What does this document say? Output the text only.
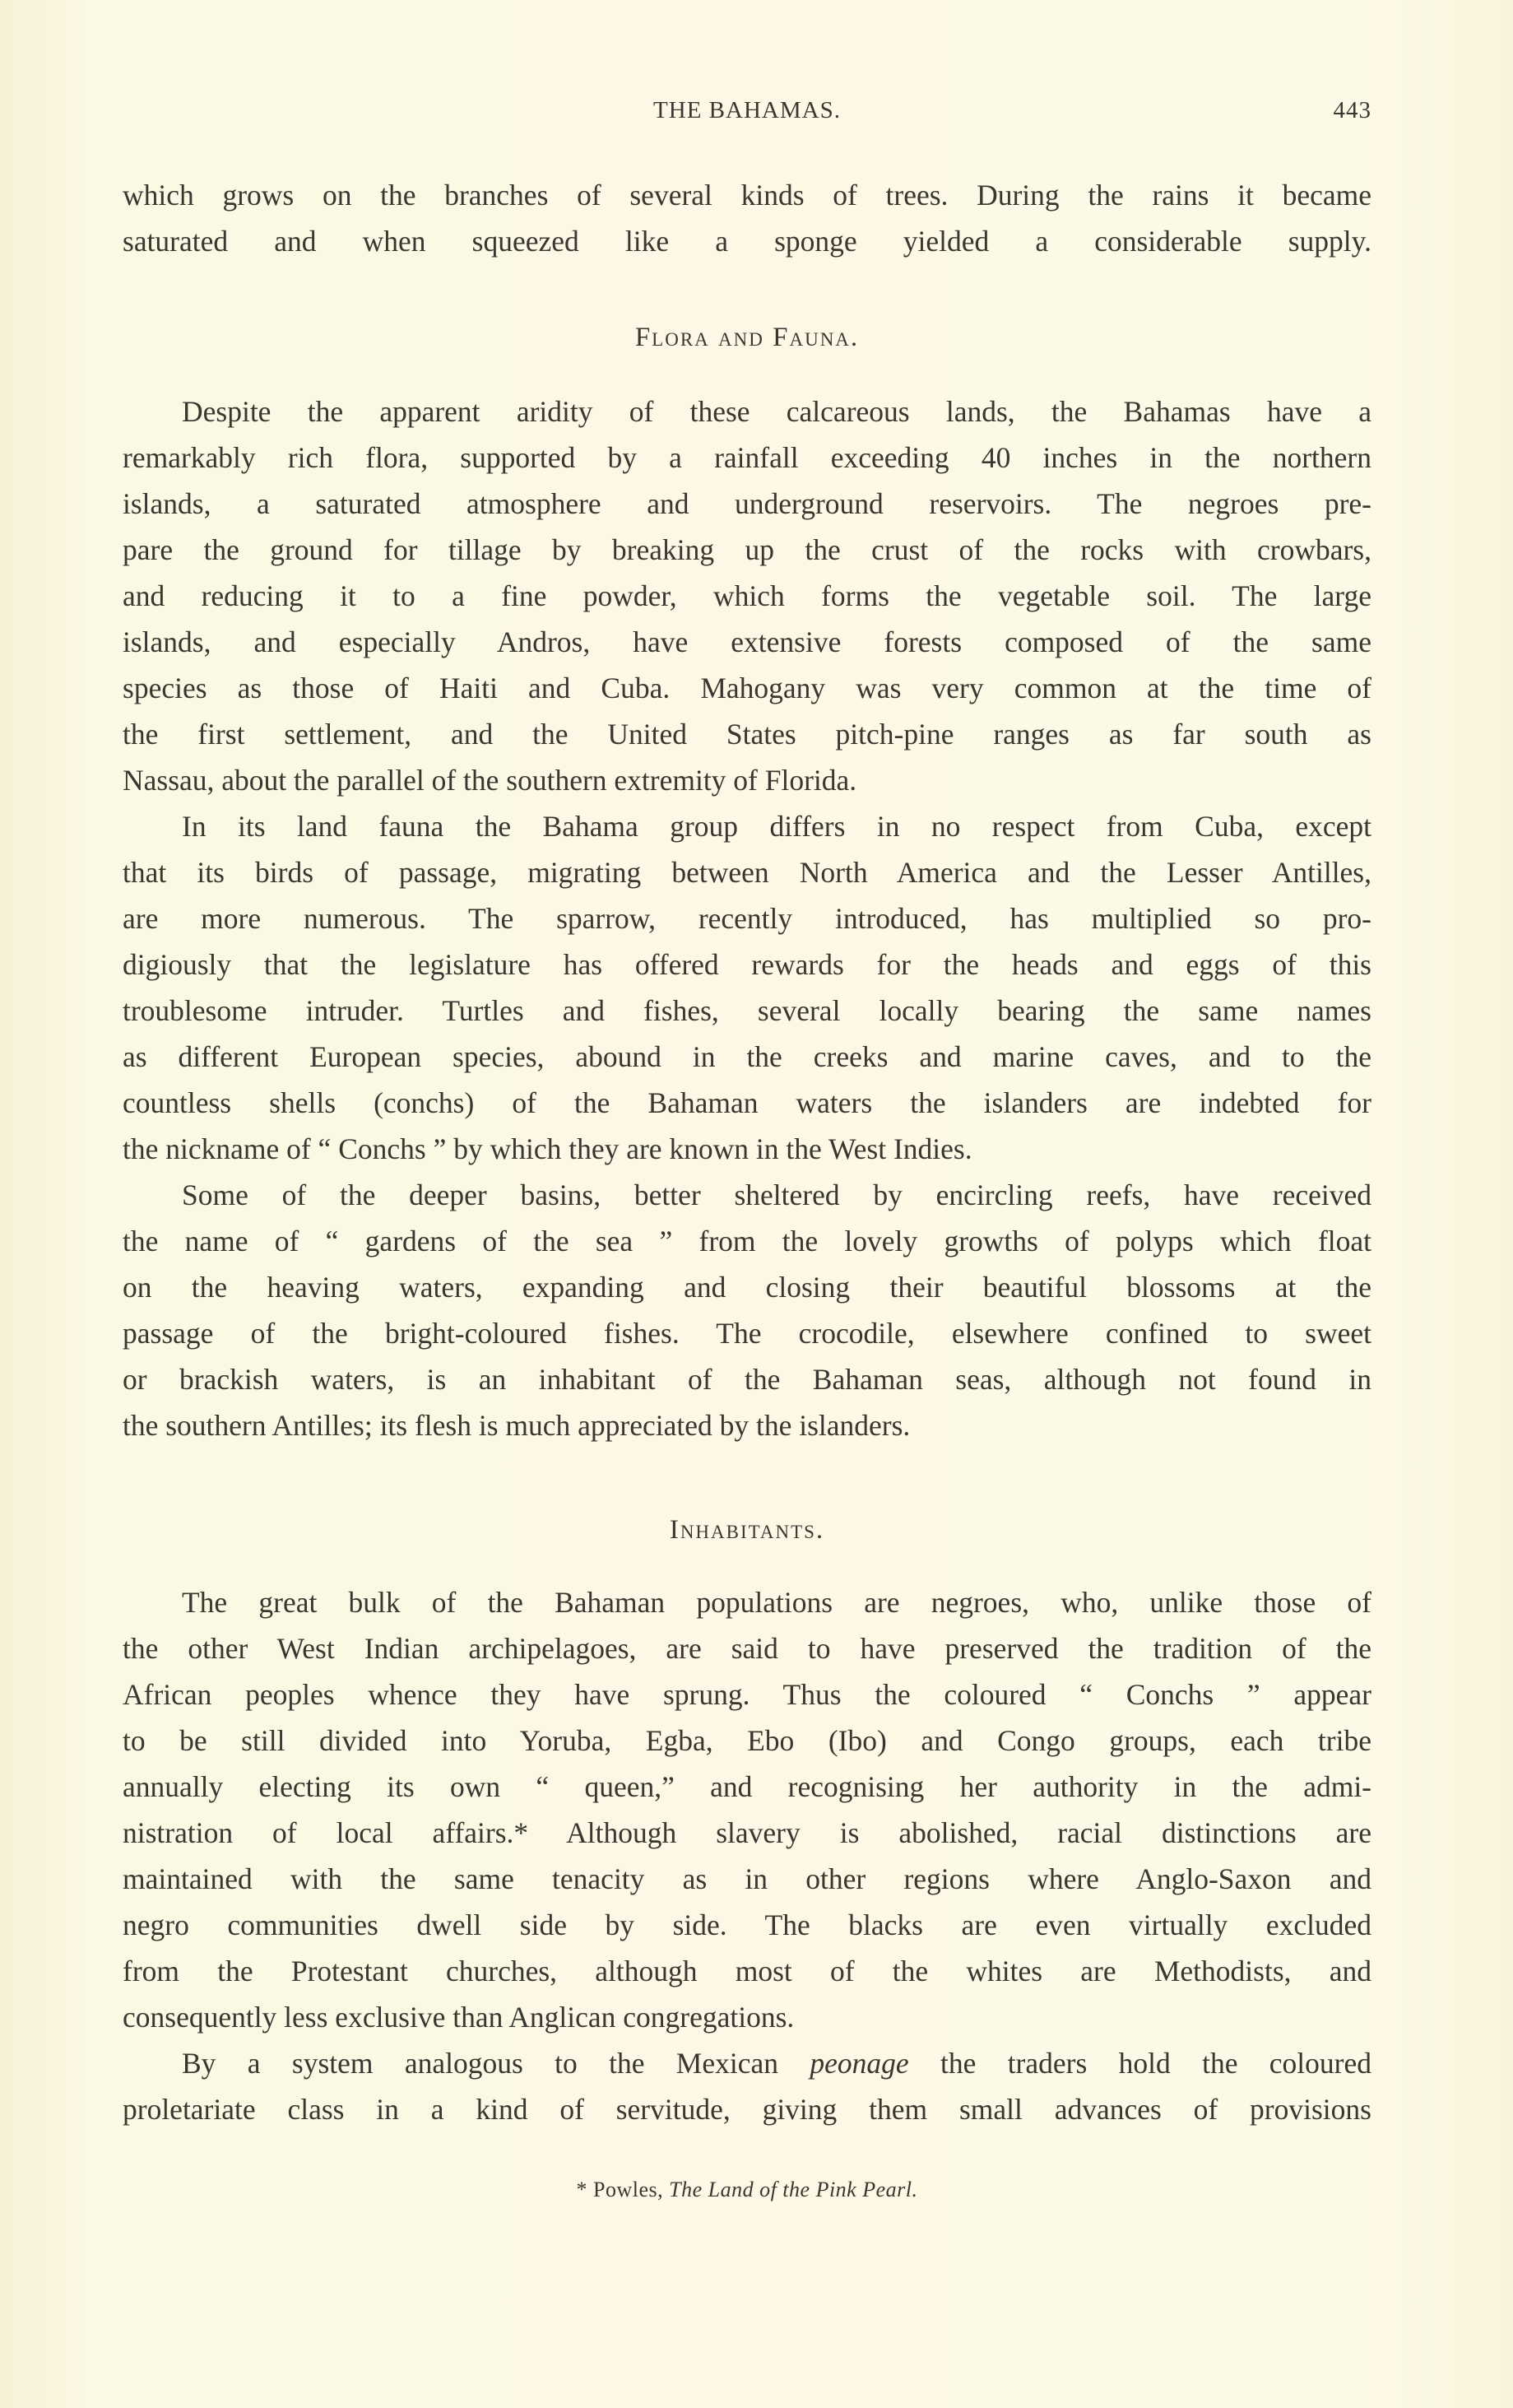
THE BAHAMAS.	443
which grows on the branches of several kinds of trees. During the rains it became
saturated and when squeezed like a sponge yielded a considerable supply.
Flora and Fauna.
Despite the apparent aridity of these calcareous lands, the Bahamas have a
remarkably rich flora, supported by a rainfall exceeding 40 inches in the northern
islands, a saturated atmosphere and underground reservoirs. The negroes pre-
pare the ground for tillage by breaking up the crust of the rocks with crowbars,
and reducing it to a fine powder, which forms the vegetable soil. The large
islands, and especially Andros, have extensive forests composed of the same
species as those of Haiti and Cuba. Mahogany was very common at the time of
the first settlement, and the United States pitch-pine ranges as far south as
Nassau, about the parallel of the southern extremity of Florida.
In its land fauna the Bahama group differs in no respect from Cuba, except
that its birds of passage, migrating between North America and the Lesser Antilles,
are more numerous. The sparrow, recently introduced, has multiplied so pro-
digiously that the legislature has offered rewards for the heads and eggs of this
troublesome intruder. Turtles and fishes, several locally bearing the same names
as different European species, abound in the creeks and marine caves, and to the
countless shells (conchs) of the Bahaman waters the islanders are indebted for
the nickname of “ Conchs ” by which they are known in the West Indies.
Some of the deeper basins, better sheltered by encircling reefs, have received
the name of “ gardens of the sea ” from the lovely growths of polyps which float
on the heaving waters, expanding and closing their beautiful blossoms at the
passage of the bright-coloured fishes. The crocodile, elsewhere confined to sweet
or brackish waters, is an inhabitant of the Bahaman seas, although not found in
the southern Antilles; its flesh is much appreciated by the islanders.
Inhabitants.
The great bulk of the Bahaman populations are negroes, who, unlike those of
the other West Indian archipelagoes, are said to have preserved the tradition of the
African peoples whence they have sprung. Thus the coloured “ Conchs ” appear
to be still divided into Yoruba, Egba, Ebo (Ibo) and Congo groups, each tribe
annually electing its own “ queen,” and recognising her authority in the admi-
nistration of local affairs.* Although slavery is abolished, racial distinctions are
maintained with the same tenacity as in other regions where Anglo-Saxon and
negro communities dwell side by side. The blacks are even virtually excluded
from the Protestant churches, although most of the whites are Methodists, and
consequently less exclusive than Anglican congregations.
By a system analogous to the Mexican peonage the traders hold the coloured
proletariate class in a kind of servitude, giving them small advances of provisions
* Powles, The Land of the Pink Pearl.
